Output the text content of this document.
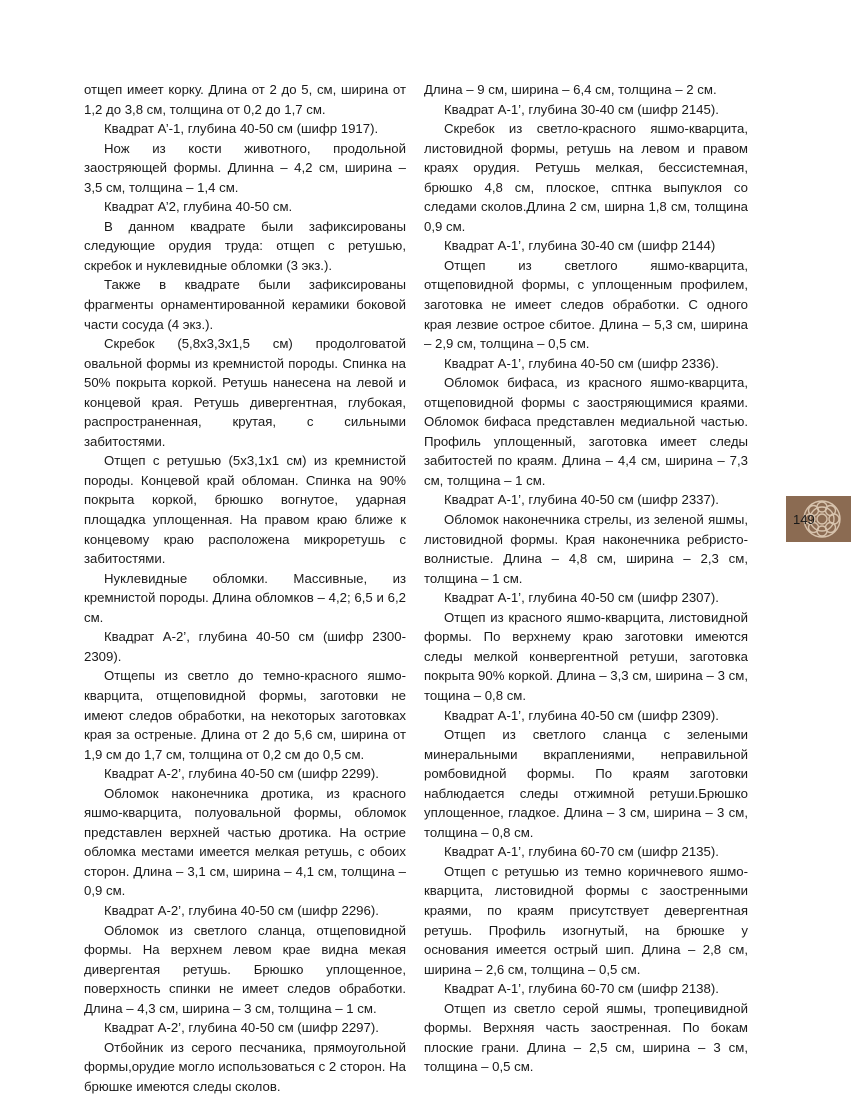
отщеп имеет корку. Длина от 2 до 5, см, ширина от 1,2 до 3,8 см, толщина от 0,2 до 1,7 см.

Квадрат А’-1, глубина 40-50 см (шифр 1917).

Нож из кости животного, продольной заостряющей формы. Длинна – 4,2 см, ширина – 3,5 см, толщина – 1,4 см.

Квадрат А’2, глубина 40-50 см.

В данном квадрате были зафиксированы следующие орудия труда: отщеп с ретушью, скребок и нуклевидные обломки (3 экз.).

Также в квадрате были зафиксированы фрагменты орнаментированной керамики боковой части сосуда (4 экз.).

Скребок (5,8х3,3х1,5 см) продолговатой овальной формы из кремнистой породы. Спинка на 50% покрыта коркой. Ретушь нанесена на левой и концевой края. Ретушь дивергентная, глубокая, распространенная, крутая, с сильными забитостями.

Отщеп с ретушью (5х3,1х1 см) из кремнистой породы. Концевой край обломан. Спинка на 90% покрыта коркой, брюшко вогнутое, ударная площадка уплощенная. На правом краю ближе к концевому краю расположена микроретушь с забитостями.

Нуклевидные обломки. Массивные, из кремнистой породы. Длина обломков – 4,2; 6,5 и 6,2 см.

Квадрат А-2’, глубина 40-50 см (шифр 2300-2309).

Отщепы из светло до темно-красного яшмо-кварцита, отщеповидной формы, заготовки не имеют следов обработки, на некоторых заготовках края за остреные. Длина от 2 до 5,6 см, ширина от 1,9 см до 1,7 см, толщина от 0,2 см до 0,5 см.

Квадрат А-2’, глубина 40-50 см (шифр 2299).

Обломок наконечника дротика, из красного яшмо-кварцита, полуовальной формы, обломок представлен верхней частью дротика. На острие обломка местами имеется мелкая ретушь, с обоих сторон. Длина – 3,1 см, ширина – 4,1 см, толщина – 0,9 см.

Квадрат А-2’, глубина 40-50 см (шифр 2296).

Обломок из светлого сланца, отщеповидной формы. На верхнем левом крае видна мекая дивергентая ретушь. Брюшко уплощенное, поверхность спинки не имеет следов обработки. Длина – 4,3 см, ширина – 3 см, толщина – 1 см.

Квадрат А-2’, глубина 40-50 см (шифр 2297).

Отбойник из серого песчаника, прямоугольной формы,орудие могло использоваться с 2 сторон. На брюшке имеются следы сколов.

Длина – 9 см, ширина – 6,4 см, толщина – 2 см.

Квадрат А-1’, глубина 30-40 см (шифр 2145).

Скребок из светло-красного яшмо-кварцита, листовидной формы, ретушь на левом и правом краях орудия. Ретушь мелкая, бессистемная, брюшко 4,8 см, плоское, сптнка выпуклоя со следами сколов.Длина 2 см, ширна 1,8 см, толщина 0,9 см.

Квадрат А-1’, глубина 30-40 см (шифр 2144)

Отщеп из светлого яшмо-кварцита, отщеповидной формы, с уплощенным профилем, заготовка не имеет следов обработки. С одного края лезвие острое сбитое. Длина – 5,3 см, ширина – 2,9 см, толщина – 0,5 см.

Квадрат А-1’, глубина 40-50 см (шифр 2336).

Обломок бифаса, из красного яшмо-кварцита, отщеповидной формы с заостряющимися краями. Обломок бифаса представлен медиальной частью. Профиль уплощенный, заготовка имеет следы забитостей по краям. Длина – 4,4 см, ширина – 7,3 см, толщина – 1 см.

Квадрат А-1’, глубина 40-50 см (шифр 2337).

Обломок наконечника стрелы, из зеленой яшмы, листовидной формы. Края наконечника ребристо-волнистые. Длина – 4,8 см, ширина – 2,3 см, толщина – 1 см.

Квадрат А-1’, глубина 40-50 см (шифр 2307).

Отщеп из красного яшмо-кварцита, листовидной формы. По верхнему краю заготовки имеются следы мелкой конвергентной ретуши, заготовка покрыта 90% коркой. Длина – 3,3 см, ширина – 3 см, тощина – 0,8 см.

Квадрат А-1’, глубина 40-50 см (шифр 2309).

Отщеп из светлого сланца с зелеными минеральными вкраплениями, неправильной ромбовидной формы. По краям заготовки наблюдается следы отжимной ретуши.Брюшко уплощенное, гладкое. Длина – 3 см, ширина – 3 см, толщина – 0,8 см.

Квадрат А-1’, глубина 60-70 см (шифр 2135).

Отщеп с ретушью из темно коричневого яшмо-кварцита, листовидной формы с заостренными краями, по краям присутствует девергентная ретушь. Профиль изогнутый, на брюшке у основания имеется острый шип. Длина – 2,8 см, ширина – 2,6 см, толщина – 0,5 см.

Квадрат А-1’, глубина 60-70 см (шифр 2138).

Отщеп из светло серой яшмы, тропецивидной формы. Верхняя часть заостренная. По бокам плоские грани. Длина – 2,5 см, ширина – 3 см, толщина – 0,5 см.

149
